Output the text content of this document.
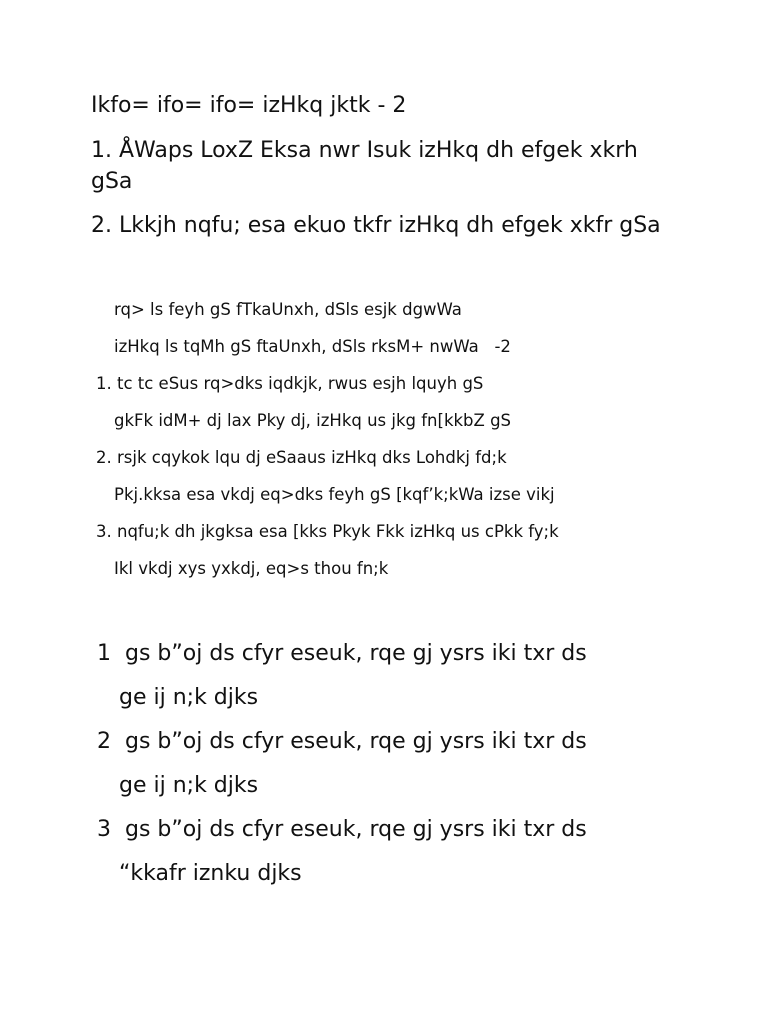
Ikfo= ifo= ifo= izHkq jktk - 2

1. ÅWaps LoxZ Eksa nwr Isuk izHkq dh efgek xkrh

gSa

2. Lkkjh nqfu; esa ekuo tkfr izHkq dh efgek xkfr gSa

rq> ls feyh gS fTkaUnxh, dSls esjk dgwWa

izHkq ls tqMh gS ftaUnxh, dSls rksM+ nwWa   -2

1. tc tc eSus rq>dks iqdkjk, rwus esjh lquyh gS

gkFk idM+ dj lax Pky dj, izHkq us jkg fn[kkbZ gS

2. rsjk cqykok lqu dj eSaaus izHkq dks Lohdkj fd;k

Pkj.kksa esa vkdj eq>dks feyh gS [kqf’k;kWa izse vikj

3. nqfu;k dh jkgksa esa [kks Pkyk Fkk izHkq us cPkk fy;k

Ikl vkdj xys yxkdj, eq>s thou fn;k

1  gs b”oj ds cfyr eseuk, rqe gj ysrs iki txr ds

ge ij n;k djks

2  gs b”oj ds cfyr eseuk, rqe gj ysrs iki txr ds

ge ij n;k djks

3  gs b”oj ds cfyr eseuk, rqe gj ysrs iki txr ds

“kkafr iznku djks
